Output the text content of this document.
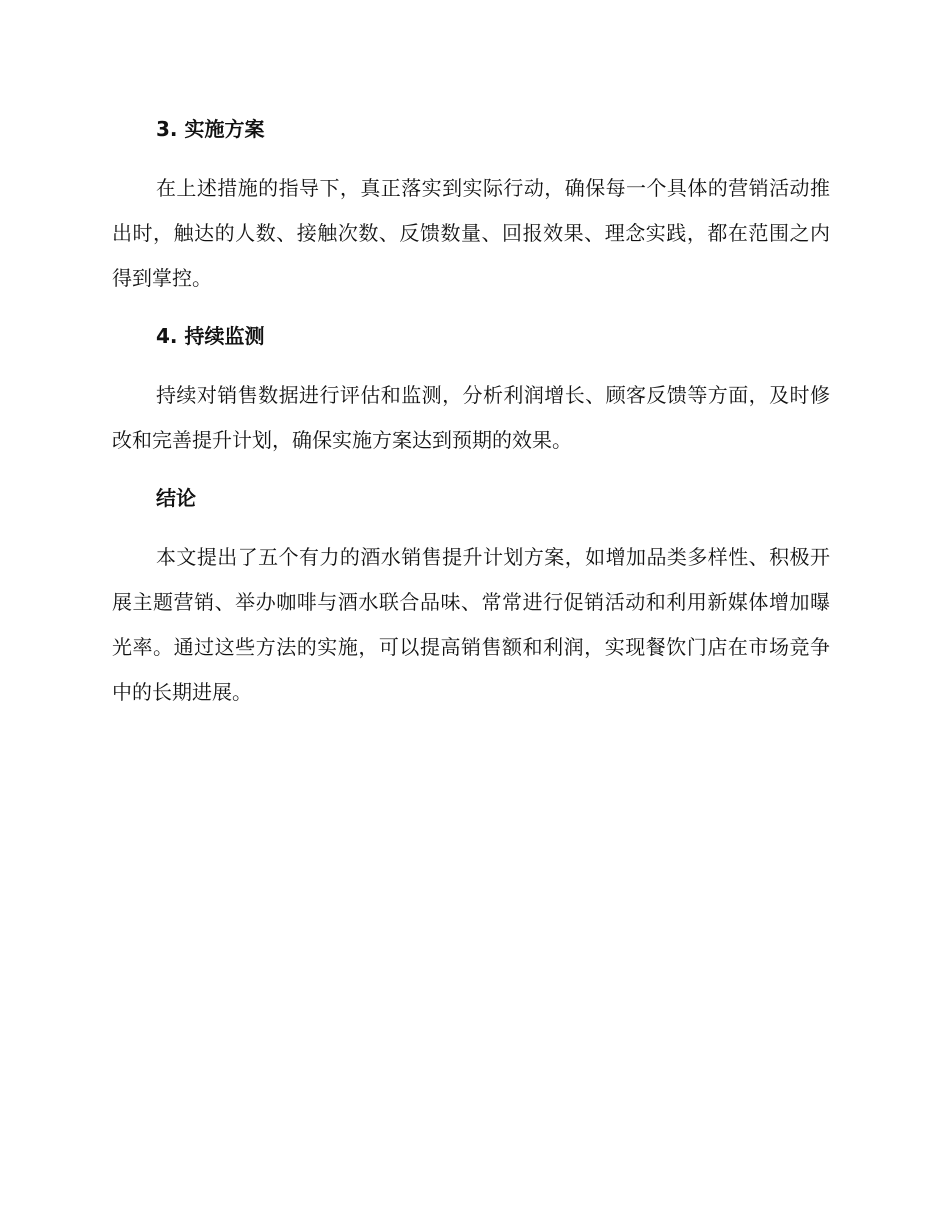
3. 实施方案

在上述措施的指导下，真正落实到实际行动，确保每一个具体的营销活动推出时，触达的人数、接触次数、反馈数量、回报效果、理念实践，都在范围之内得到掌控。

4. 持续监测

持续对销售数据进行评估和监测，分析利润增长、顾客反馈等方面，及时修改和完善提升计划，确保实施方案达到预期的效果。

结论

本文提出了五个有力的酒水销售提升计划方案，如增加品类多样性、积极开展主题营销、举办咖啡与酒水联合品味、常常进行促销活动和利用新媒体增加曝光率。通过这些方法的实施，可以提高销售额和利润，实现餐饮门店在市场竞争中的长期进展。
